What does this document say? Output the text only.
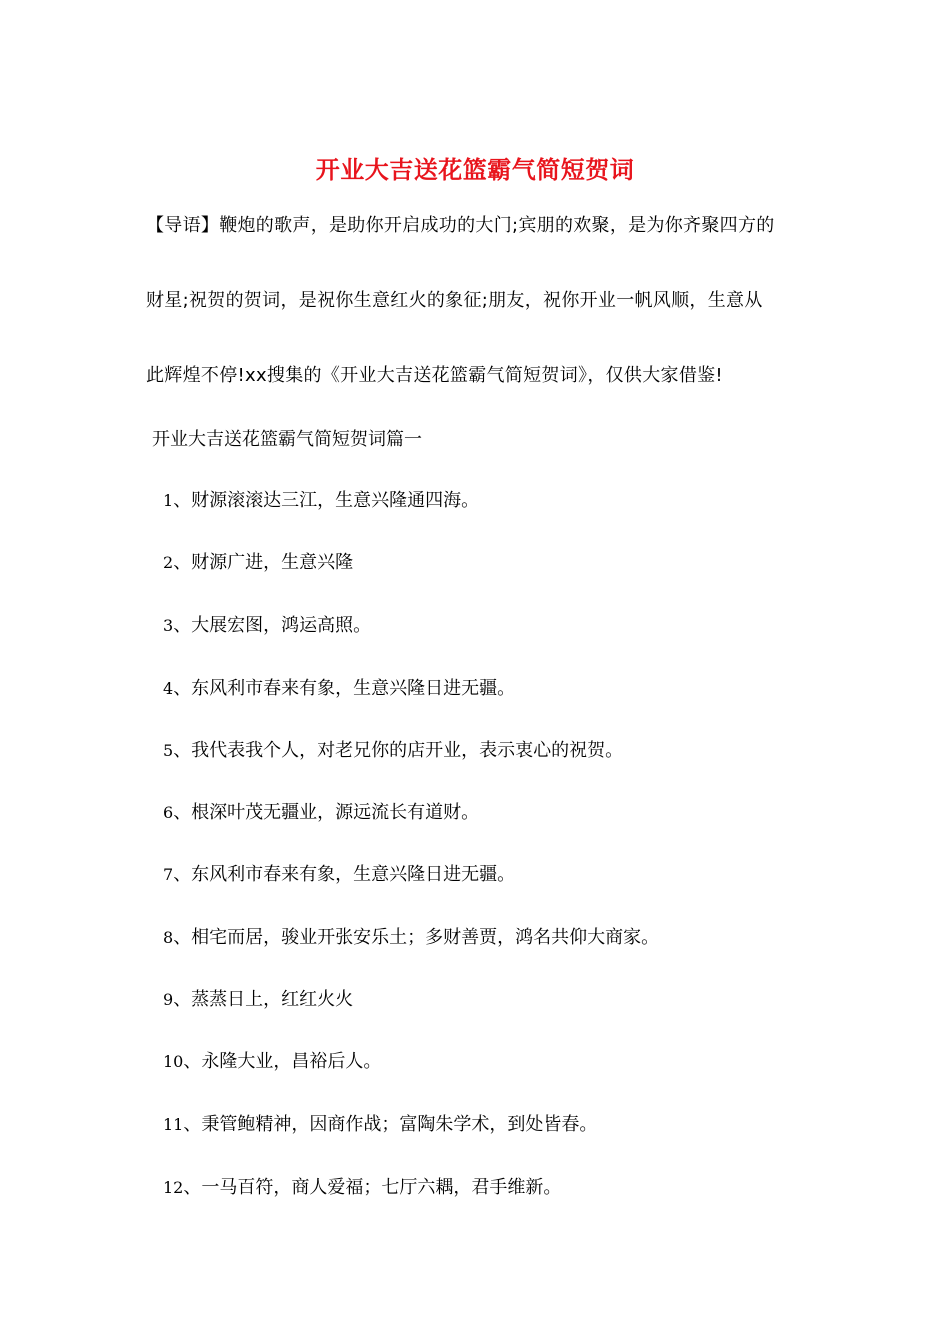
开业大吉送花篮霸气简短贺词
【导语】鞭炮的歌声，是助你开启成功的大门;宾朋的欢聚，是为你齐聚四方的
财星;祝贺的贺词，是祝你生意红火的象征;朋友，祝你开业一帆风顺，生意从
此辉煌不停!xx搜集的《开业大吉送花篮霸气简短贺词》，仅供大家借鉴!
开业大吉送花篮霸气简短贺词篇一
1、财源滚滚达三江，生意兴隆通四海。
2、财源广进，生意兴隆
3、大展宏图，鸿运高照。
4、东风利市春来有象，生意兴隆日进无疆。
5、我代表我个人，对老兄你的店开业，表示衷心的祝贺。
6、根深叶茂无疆业，源远流长有道财。
7、东风利市春来有象，生意兴隆日进无疆。
8、相宅而居，骏业开张安乐土；多财善贾，鸿名共仰大商家。
9、蒸蒸日上，红红火火
10、永隆大业，昌裕后人。
11、秉管鲍精神，因商作战；富陶朱学术，到处皆春。
12、一马百符，商人爱福；七厅六耦，君手维新。
